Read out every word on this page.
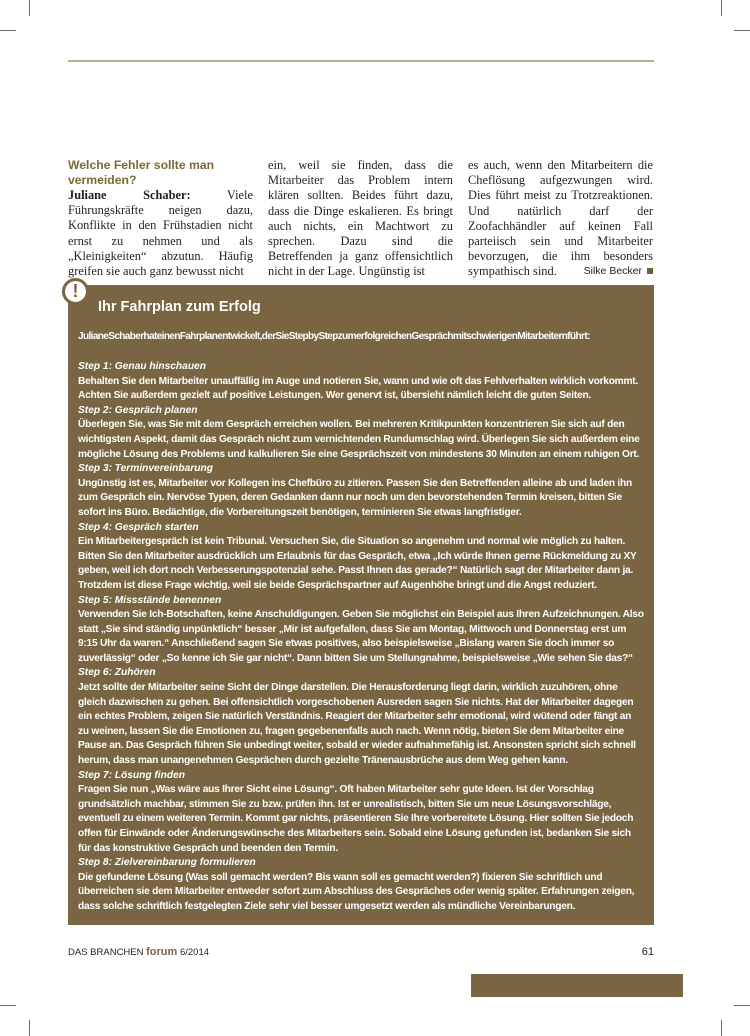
Welche Fehler sollte man vermeiden?
Juliane Schaber:	Viele Führungskräfte neigen dazu, Konflikte in den Frühstadien nicht ernst zu nehmen und als „Kleinigkeiten“ abzutun. Häufig greifen sie auch ganz bewusst nicht
ein, weil sie finden, dass die Mitarbeiter das Problem intern klären sollten. Beides führt dazu, dass die Dinge eskalieren. Es bringt auch nichts, ein Machtwort zu sprechen. Dazu sind die Betreffenden ja ganz offensichtlich nicht in der Lage. Ungünstig ist
es auch, wenn den Mitarbeitern die Cheflösung aufgezwungen wird. Dies führt meist zu Trotzreaktionen. Und natürlich darf der Zoofachhändler auf keinen Fall parteiisch sein und Mitarbeiter bevorzugen, die ihm besonders sympathisch sind.	Silke Becker
Ihr Fahrplan zum Erfolg
JulianeSchaberhateinenFahrplanentwickelt,derSieStepbyStepzumerfolgreichenGesprächmitschwierigenMitarbeiternführt:
Step 1: Genau hinschauen
Behalten Sie den Mitarbeiter unauffällig im Auge und notieren Sie, wann und wie oft das Fehlverhalten wirklich vorkommt. Achten Sie außerdem gezielt auf positive Leistungen. Wer genervt ist, übersieht nämlich leicht die guten Seiten.
Step 2: Gespräch planen
Überlegen Sie, was Sie mit dem Gespräch erreichen wollen. Bei mehreren Kritikpunkten konzentrieren Sie sich auf den wichtigsten Aspekt, damit das Gespräch nicht zum vernichtenden Rundumschlag wird. Überlegen Sie sich außerdem eine mögliche Lösung des Problems und kalkulieren Sie eine Gesprächszeit von mindestens 30 Minuten an einem ruhigen Ort.
Step 3: Terminvereinbarung
Ungünstig ist es, Mitarbeiter vor Kollegen ins Chefbüro zu zitieren. Passen Sie den Betreffenden alleine ab und laden ihn zum Gespräch ein. Nervöse Typen, deren Gedanken dann nur noch um den bevorstehenden Termin kreisen, bitten Sie sofort ins Büro. Bedächtige, die Vorbereitungszeit benötigen, terminieren Sie etwas langfristiger.
Step 4: Gespräch starten
Ein Mitarbeitergespräch ist kein Tribunal. Versuchen Sie, die Situation so angenehm und normal wie möglich zu halten. Bitten Sie den Mitarbeiter ausdrücklich um Erlaubnis für das Gespräch, etwa „Ich würde Ihnen gerne Rückmeldung zu XY geben, weil ich dort noch Verbesserungspotenzial sehe. Passt Ihnen das gerade?“ Natürlich sagt der Mitarbeiter dann ja. Trotzdem ist diese Frage wichtig, weil sie beide Gesprächspartner auf Augenhöhe bringt und die Angst reduziert.
Step 5: Missstände benennen
Verwenden Sie Ich-Botschaften, keine Anschuldigungen. Geben Sie möglichst ein Beispiel aus Ihren Aufzeichnungen. Also statt „Sie sind ständig unpünktlich“ besser „Mir ist aufgefallen, dass Sie am Montag, Mittwoch und Donnerstag erst um 9:15 Uhr da waren.“ Anschließend sagen Sie etwas positives, also beispielsweise „Bislang waren Sie doch immer so zuverlässig“ oder „So kenne ich Sie gar nicht“. Dann bitten Sie um Stellungnahme, beispielsweise „Wie sehen Sie das?“
Step 6: Zuhören
Jetzt sollte der Mitarbeiter seine Sicht der Dinge darstellen. Die Herausforderung liegt darin, wirklich zuzuhören, ohne gleich dazwischen zu gehen. Bei offensichtlich vorgeschobenen Ausreden sagen Sie nichts. Hat der Mitarbeiter dagegen ein echtes Problem, zeigen Sie natürlich Verständnis. Reagiert der Mitarbeiter sehr emotional, wird wütend oder fängt an zu weinen, lassen Sie die Emotionen zu, fragen gegebenenfalls auch nach. Wenn nötig, bieten Sie dem Mitarbeiter eine Pause an. Das Gespräch führen Sie unbedingt weiter, sobald er wieder aufnahmefähig ist. Ansonsten spricht sich schnell herum, dass man unangenehmen Gesprächen durch gezielte Tränenausbrüche aus dem Weg gehen kann.
Step 7: Lösung finden
Fragen Sie nun „Was wäre aus Ihrer Sicht eine Lösung“. Oft haben Mitarbeiter sehr gute Ideen. Ist der Vorschlag grundsätzlich machbar, stimmen Sie zu bzw. prüfen ihn. Ist er unrealistisch, bitten Sie um neue Lösungsvorschläge, eventuell zu einem weiteren Termin. Kommt gar nichts, präsentieren Sie Ihre vorbereitete Lösung. Hier sollten Sie jedoch offen für Einwände oder Änderungswünsche des Mitarbeiters sein. Sobald eine Lösung gefunden ist, bedanken Sie sich für das konstruktive Gespräch und beenden den Termin.
Step 8: Zielvereinbarung formulieren
Die gefundene Lösung (Was soll gemacht werden? Bis wann soll es gemacht werden?) fixieren Sie schriftlich und überreichen sie dem Mitarbeiter entweder sofort zum Abschluss des Gespräches oder wenig später. Erfahrungen zeigen, dass solche schriftlich festgelegten Ziele sehr viel besser umgesetzt werden als mündliche Vereinbarungen.
!
DAS BRANCHEN forum 6/2014	61
